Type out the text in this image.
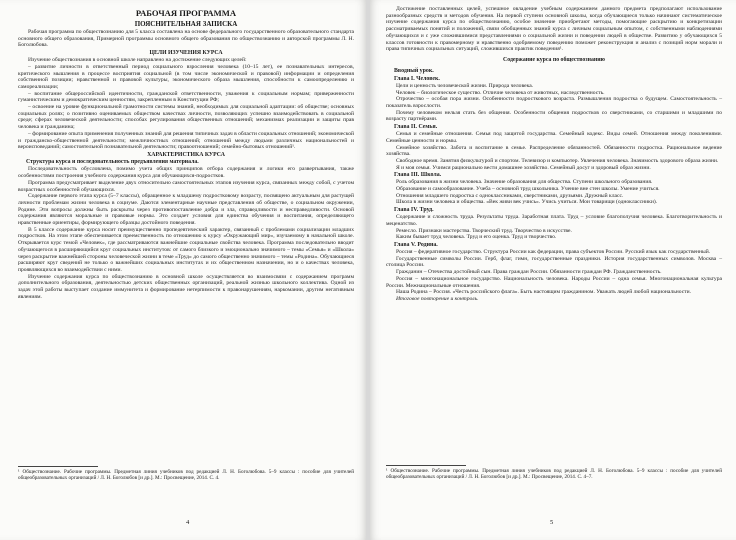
РАБОЧАЯ ПРОГРАММА

ПОЯСНИТЕЛЬНАЯ ЗАПИСКА

Рабочая программа по обществознанию для 5 класса составлена на основе федерального государственного образовательного стандарта основного общего образования, Примерной программы основного общего образования по обществознанию и авторской программы Л. Н. Боголюбова.

ЦЕЛИ ИЗУЧЕНИЯ КУРСА

Изучение обществознания в основной школе направлено на достижение следующих целей:

– развитие личности в ответственный период социального взросления человека (10–15 лет), ее познавательных интересов, критического мышления в процессе восприятия социальной (в том числе экономической и правовой) информации и определения собственной позиции; нравственной и правовой культуры, экономического образа мышления, способности к самоопределению и самореализации;

– воспитание общероссийской идентичности, гражданской ответственности, уважения к социальным нормам; приверженности гуманистическим и демократическим ценностям, закрепленным в Конституции РФ;

– освоение на уровне функциональной грамотности системы знаний, необходимых для социальной адаптации: об обществе; основных социальных ролях; о позитивно оцениваемых обществом качествах личности, позволяющих успешно взаимодействовать в социальной среде; сферах человеческой деятельности; способах регулирования общественных отношений; механизмах реализации и защиты прав человека и гражданина;

– формирование опыта применения полученных знаний для решения типичных задач в области социальных отношений; экономической и гражданско-общественной деятельности; межличностных отношений; отношений между людьми различных национальностей и вероисповеданий; самостоятельной познавательной деятельности; правоотношений; семейно-бытовых отношений¹.

ХАРАКТЕРИСТИКА КУРСА

Структура курса и последовательность предъявления материала.

Последовательность обусловлена, помимо учета общих принципов отбора содержания и логики его развертывания, также особенностями построения учебного содержания курса для обучающихся-подростков.

Программа предусматривает выделение двух относительно самостоятельных этапов изучения курса, связанных между собой, с учетом возрастных особенностей обучающихся.

Содержание первого этапа курса (5–7 классы), обращенное к младшему подростковому возрасту, посвящено актуальным для растущей личности проблемам жизни человека в социуме. Даются элементарные научные представления об обществе, о социальном окружении, Родине. Эти вопросы должны быть раскрыты через противопоставление добра и зла, справедливости и несправедливости. Основой содержания являются моральные и правовые нормы. Это создает условия для единства обучения и воспитания, определяющего нравственные ориентиры, формирующего образцы достойного поведения.

В 5 классе содержание курса носит преимущественно пропедевтический характер, связанный с проблемами социализации младших подростков. На этом этапе обеспечивается преемственность по отношению к курсу «Окружающий мир», изучаемому в начальной школе. Открывается курс темой «Человек», где рассматриваются важнейшие социальные свойства человека. Программа последовательно вводит обучающегося в расширяющийся круг социальных институтов: от самого близкого и эмоционально значимого – темы «Семья» и «Школа» через раскрытие важнейшей стороны человеческой жизни в теме «Труд» до самого общественно значимого – темы «Родина». Обучающиеся расширяют круг сведений не только о важнейших социальных институтах и их общественном назначении, но и о качествах человека, проявляющихся во взаимодействии с ними.

Изучение содержания курса по обществознанию в основной школе осуществляется во взаимосвязи с содержанием программ дополнительного образования, деятельностью детских общественных организаций, реальной жизнью школьного коллектива. Одной из задач этой работы выступает создание иммунитета и формирование нетерпимости к правонарушениям, наркомании, другим негативным явлениям.

¹ Обществознание. Рабочие программы. Предметная линия учебников под редакцией Л. Н. Боголюбова. 5–9 классы : пособие для учителей общеобразовательных организаций / Л. Н. Боголюбов [и др.]. М.: Просвещение, 2014. С. 4.
4

Достижение поставленных целей, успешное овладение учебным содержанием данного предмета предполагают использование разнообразных средств и методов обучения. На первой ступени основной школы, когда обучающиеся только начинают систематическое изучение содержания курса по обществознанию, особое значение приобретают методы, помогающие раскрытию и конкретизации рассматриваемых понятий и положений, связи обобщенных знаний курса с личным социальным опытом, с собственными наблюдениями обучающихся и с уже сложившимися представлениями о социальной жизни и поведении людей в обществе. Развитию у обучающихся 5 классов готовности к правомерному и нравственно одобряемому поведению поможет реконструкция и анализ с позиций норм морали и права типичных социальных ситуаций, сложившихся практик поведения¹.

Содержание курса по обществознанию

Вводный урок.

Глава I. Человек.

Цели и ценность человеческой жизни. Природа человека.

Человек – биологическое существо. Отличие человека от животных, наследственность.

Отрочество – особая пора жизни. Особенности подросткового возраста. Размышления подростка о будущем. Самостоятельность – показатель взрослости.

Почему человеком нельзя стать без общения. Особенности общения подростков со сверстниками, со старшими и младшими по возрасту партнёрами.

Глава II. Семья.

Семья и семейные отношения. Семья под защитой государства. Семейный кодекс. Виды семей. Отношения между поколениями. Семейные ценности и нормы.

Семейное хозяйство. Забота и воспитание в семье. Распределение обязанностей. Обязанности подростка. Рациональное ведение хозяйства.

Свободное время. Занятия физкультурой и спортом. Телевизор и компьютер. Увлечения человека. Значимость здорового образа жизни.

Я и моя семья. Учимся рационально вести домашнее хозяйство. Семейный досуг и здоровый образ жизни.

Глава III. Школа.

Роль образования в жизни человека. Значение образования для общества. Ступени школьного образования.

Образование и самообразование. Учеба – основной труд школьника. Учение вне стен школы. Умение учиться.

Отношения младшего подростка с одноклассниками, сверстниками, друзьями. Дружный класс.

Школа в жизни человека и общества. «Век живи век учись». Учись учиться. Мои товарищи (одноклассники).

Глава IV. Труд.

Содержание и сложность труда. Результаты труда. Заработная плата. Труд – условие благополучия человека. Благотворительность и меценатство.

Ремесло. Признаки мастерства. Творческий труд. Творчество в искусстве.

Каким бывает труд человека. Труд и его оценка. Труд и творчество.

Глава V. Родина.

Россия – федеративное государство. Структура России как федерации, права субъектов России. Русский язык как государственный.

Государственные символы России. Герб, флаг, гимн, государственные праздники. История государственных символов. Москва – столица России.

Гражданин – Отечества достойный сын. Права граждан России. Обязанности граждан РФ. Гражданственность.

Россия – многонациональное государство. Национальность человека. Народы России – одна семья. Многонациональная культура России. Межнациональные отношения.

Наша Родина – Россия. «Честь российского флага». Быть настоящим гражданином. Уважать людей любой национальности.

Итоговое повторение и контроль.

¹ Обществознание. Рабочие программы. Предметная линия учебников под редакцией Л. Н. Боголюбова. 5–9 классы : пособие для учителей общеобразовательных организаций / Л. Н. Боголюбов [и др.]. М.: Просвещение, 2014. С. 4–7.
5
